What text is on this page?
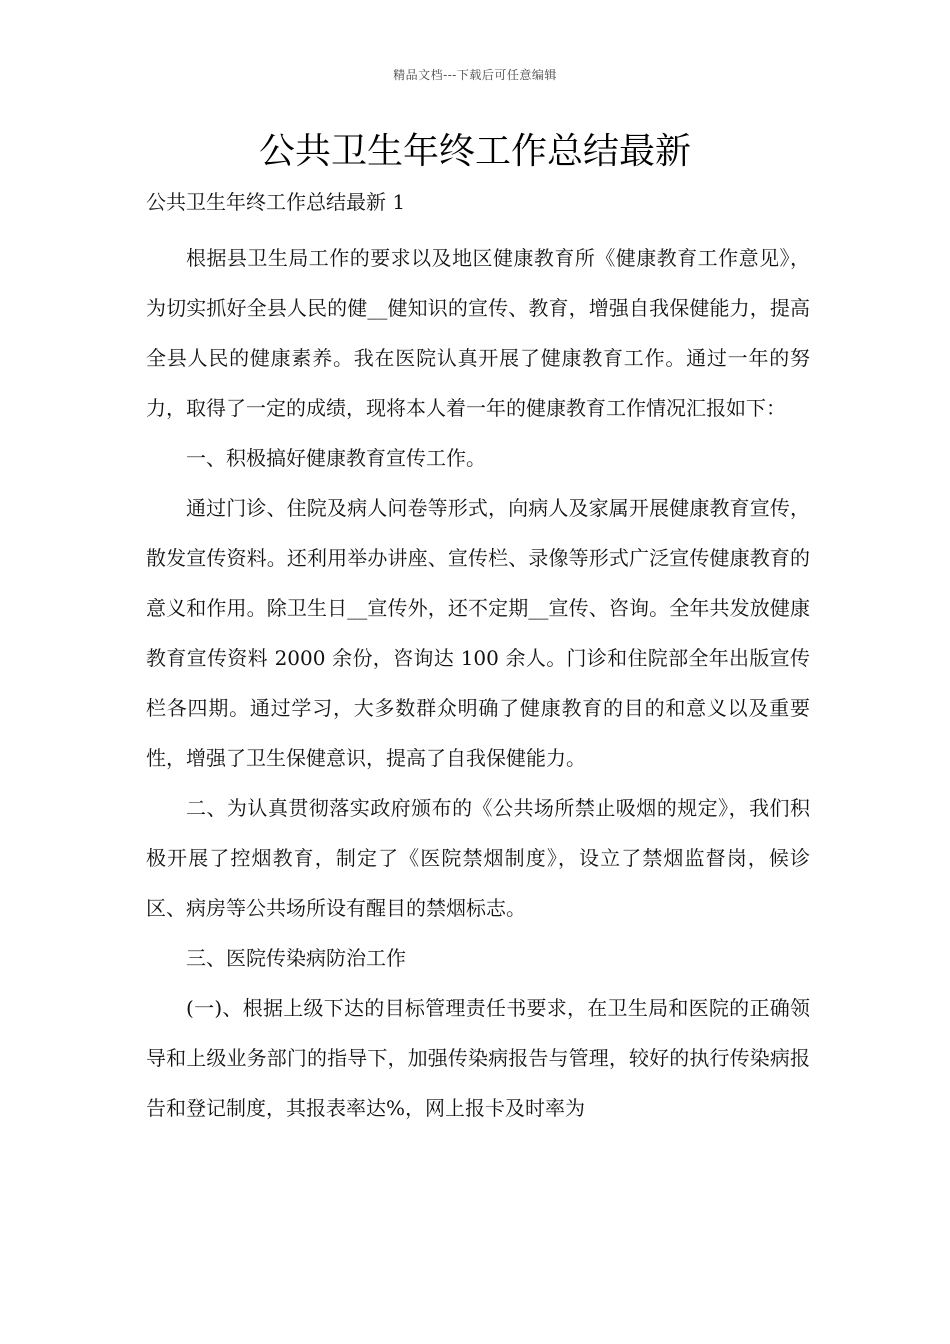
精品文档---下载后可任意编辑
公共卫生年终工作总结最新
公共卫生年终工作总结最新 1

根据县卫生局工作的要求以及地区健康教育所《健康教育工作意见》，为切实抓好全县人民的健__健知识的宣传、教育，增强自我保健能力，提高全县人民的健康素养。我在医院认真开展了健康教育工作。通过一年的努力，取得了一定的成绩，现将本人着一年的健康教育工作情况汇报如下：

一、积极搞好健康教育宣传工作。

通过门诊、住院及病人问卷等形式，向病人及家属开展健康教育宣传，散发宣传资料。还利用举办讲座、宣传栏、录像等形式广泛宣传健康教育的意义和作用。除卫生日__宣传外，还不定期__宣传、咨询。全年共发放健康教育宣传资料 2000 余份，咨询达 100 余人。门诊和住院部全年出版宣传栏各四期。通过学习，大多数群众明确了健康教育的目的和意义以及重要性，增强了卫生保健意识，提高了自我保健能力。

二、为认真贯彻落实政府颁布的《公共场所禁止吸烟的规定》，我们积极开展了控烟教育，制定了《医院禁烟制度》，设立了禁烟监督岗，候诊区、病房等公共场所设有醒目的禁烟标志。

三、医院传染病防治工作

(一)、根据上级下达的目标管理责任书要求，在卫生局和医院的正确领导和上级业务部门的指导下，加强传染病报告与管理，较好的执行传染病报告和登记制度，其报表率达%，网上报卡及时率为
